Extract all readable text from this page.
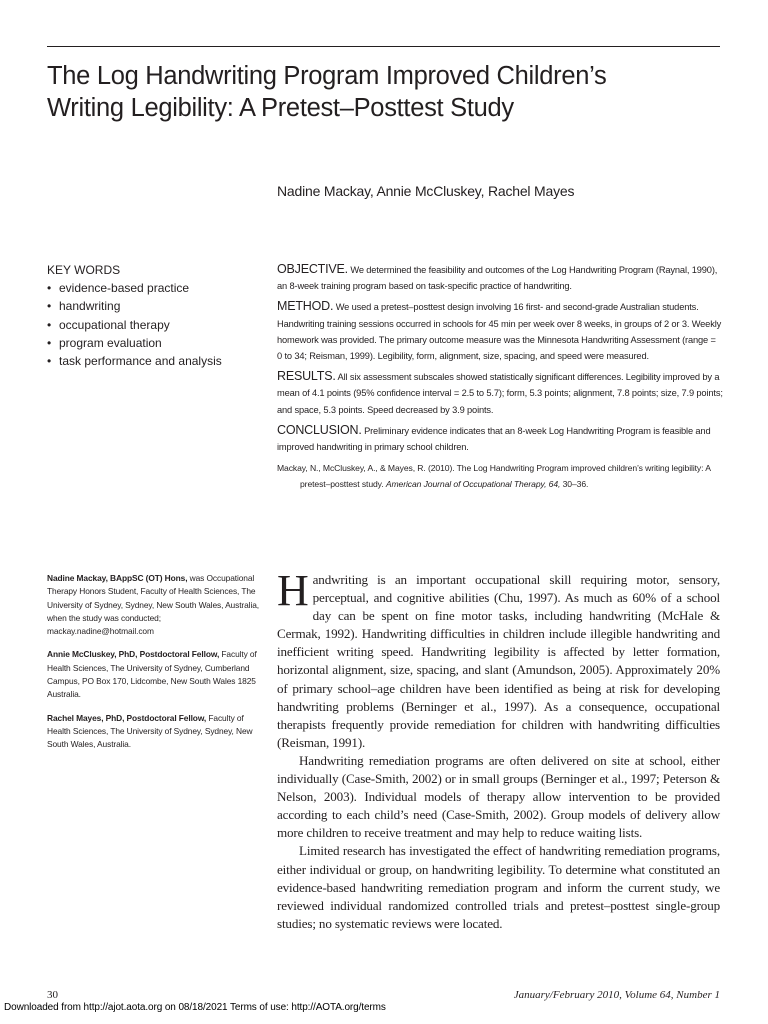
The Log Handwriting Program Improved Children’s
Writing Legibility: A Pretest–Posttest Study
Nadine Mackay, Annie McCluskey, Rachel Mayes
KEY WORDS
• evidence-based practice
• handwriting
• occupational therapy
• program evaluation
• task performance and analysis

OBJECTIVE. We determined the feasibility and outcomes of the Log Handwriting Program (Raynal, 1990), an 8-week training program based on task-specific practice of handwriting.

METHOD. We used a pretest–posttest design involving 16 first- and second-grade Australian students. Handwriting training sessions occurred in schools for 45 min per week over 8 weeks, in groups of 2 or 3. Weekly homework was provided. The primary outcome measure was the Minnesota Handwriting Assessment (range = 0 to 34; Reisman, 1999). Legibility, form, alignment, size, spacing, and speed were measured.

RESULTS. All six assessment subscales showed statistically significant differences. Legibility improved by a mean of 4.1 points (95% confidence interval = 2.5 to 5.7); form, 5.3 points; alignment, 7.8 points; size, 7.9 points; and space, 5.3 points. Speed decreased by 3.9 points.

CONCLUSION. Preliminary evidence indicates that an 8-week Log Handwriting Program is feasible and improved handwriting in primary school children.

Mackay, N., McCluskey, A., & Mayes, R. (2010). The Log Handwriting Program improved children’s writing legibility: A
pretest–posttest study. American Journal of Occupational Therapy, 64, 30–36.

Nadine Mackay, BAppSC (OT) Hons, was Occupational Therapy Honors Student, Faculty of Health Sciences, The University of Sydney, Sydney, New South Wales, Australia, when the study was conducted; mackay.nadine@hotmail.com

Annie McCluskey, PhD, Postdoctoral Fellow, Faculty of Health Sciences, The University of Sydney, Cumberland Campus, PO Box 170, Lidcombe, New South Wales 1825 Australia.

Rachel Mayes, PhD, Postdoctoral Fellow, Faculty of Health Sciences, The University of Sydney, Sydney, New South Wales, Australia.

Handwriting is an important occupational skill requiring motor, sensory, perceptual, and cognitive abilities (Chu, 1997). As much as 60% of a school day can be spent on fine motor tasks, including handwriting (McHale & Cermak, 1992). Handwriting difficulties in children include illegible handwriting and inefficient writing speed. Handwriting legibility is affected by letter formation, horizontal alignment, size, spacing, and slant (Amundson, 2005). Approximately 20% of primary school–age children have been identified as being at risk for developing handwriting problems (Berninger et al., 1997). As a consequence, occupational therapists frequently provide remediation for children with handwriting difficulties (Reisman, 1991).

Handwriting remediation programs are often delivered on site at school, either individually (Case-Smith, 2002) or in small groups (Berninger et al., 1997; Peterson & Nelson, 2003). Individual models of therapy allow intervention to be provided according to each child’s need (Case-Smith, 2002). Group models of delivery allow more children to receive treatment and may help to reduce waiting lists.

Limited research has investigated the effect of handwriting remediation programs, either individual or group, on handwriting legibility. To determine what constituted an evidence-based handwriting remediation program and inform the current study, we reviewed individual randomized controlled trials and pretest–posttest single-group studies; no systematic reviews were located.

30	January/February 2010, Volume 64, Number 1
Downloaded from http://ajot.aota.org on 08/18/2021 Terms of use: http://AOTA.org/terms
